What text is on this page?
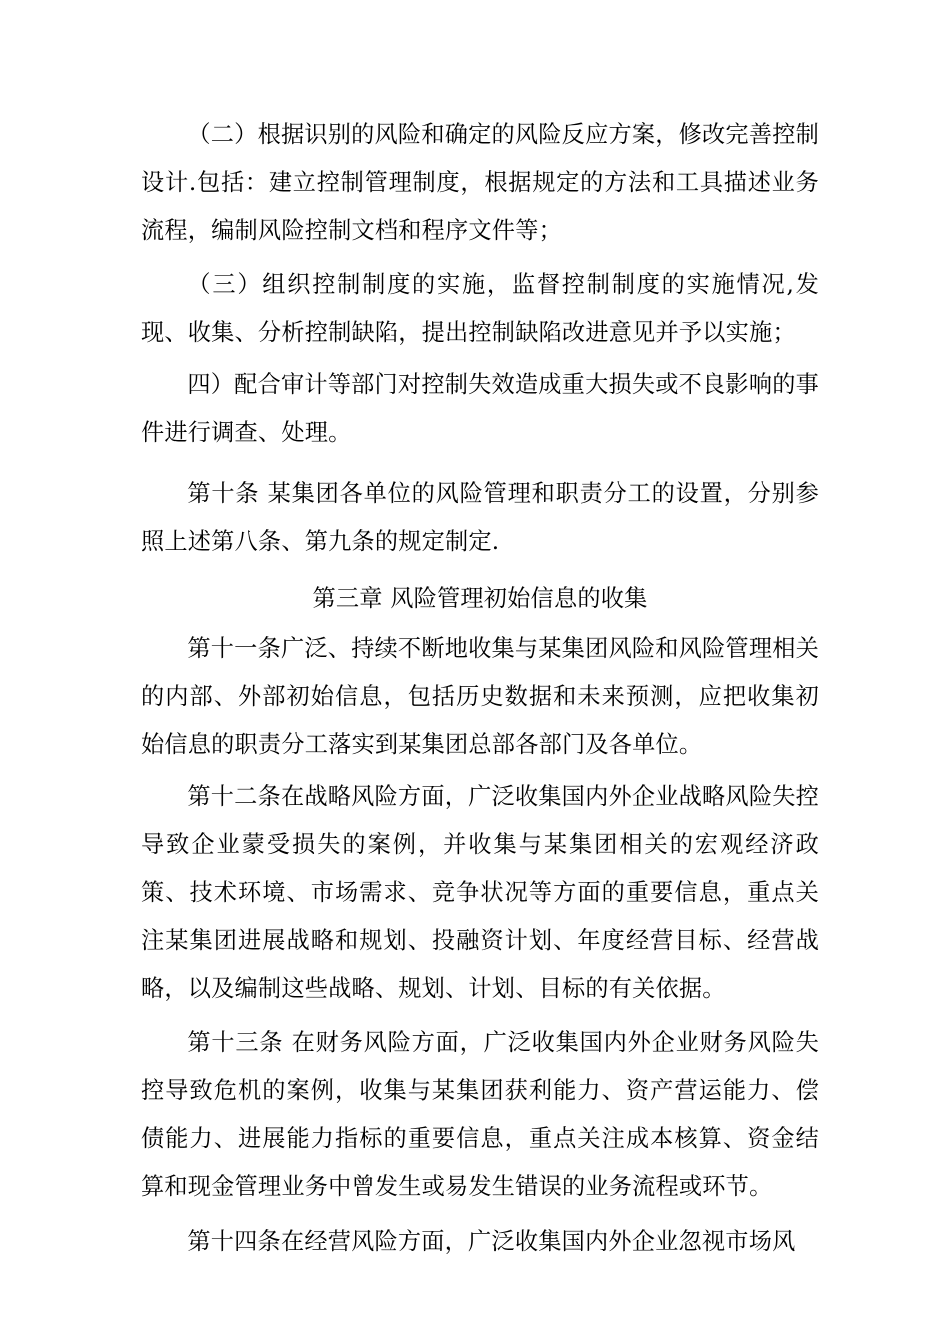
（二）根据识别的风险和确定的风险反应方案，修改完善控制设计.包括：建立控制管理制度，根据规定的方法和工具描述业务流程，编制风险控制文档和程序文件等；

（三）组织控制制度的实施，监督控制制度的实施情况,发现、收集、分析控制缺陷，提出控制缺陷改进意见并予以实施；

四）配合审计等部门对控制失效造成重大损失或不良影响的事件进行调查、处理。

第十条 某集团各单位的风险管理和职责分工的设置，分别参照上述第八条、第九条的规定制定.

第三章 风险管理初始信息的收集

第十一条广泛、持续不断地收集与某集团风险和风险管理相关的内部、外部初始信息，包括历史数据和未来预测，应把收集初始信息的职责分工落实到某集团总部各部门及各单位。

第十二条在战略风险方面，广泛收集国内外企业战略风险失控导致企业蒙受损失的案例，并收集与某集团相关的宏观经济政策、技术环境、市场需求、竞争状况等方面的重要信息，重点关注某集团进展战略和规划、投融资计划、年度经营目标、经营战略，以及编制这些战略、规划、计划、目标的有关依据。

第十三条 在财务风险方面，广泛收集国内外企业财务风险失控导致危机的案例，收集与某集团获利能力、资产营运能力、偿债能力、进展能力指标的重要信息，重点关注成本核算、资金结算和现金管理业务中曾发生或易发生错误的业务流程或环节。

第十四条在经营风险方面，广泛收集国内外企业忽视市场风
